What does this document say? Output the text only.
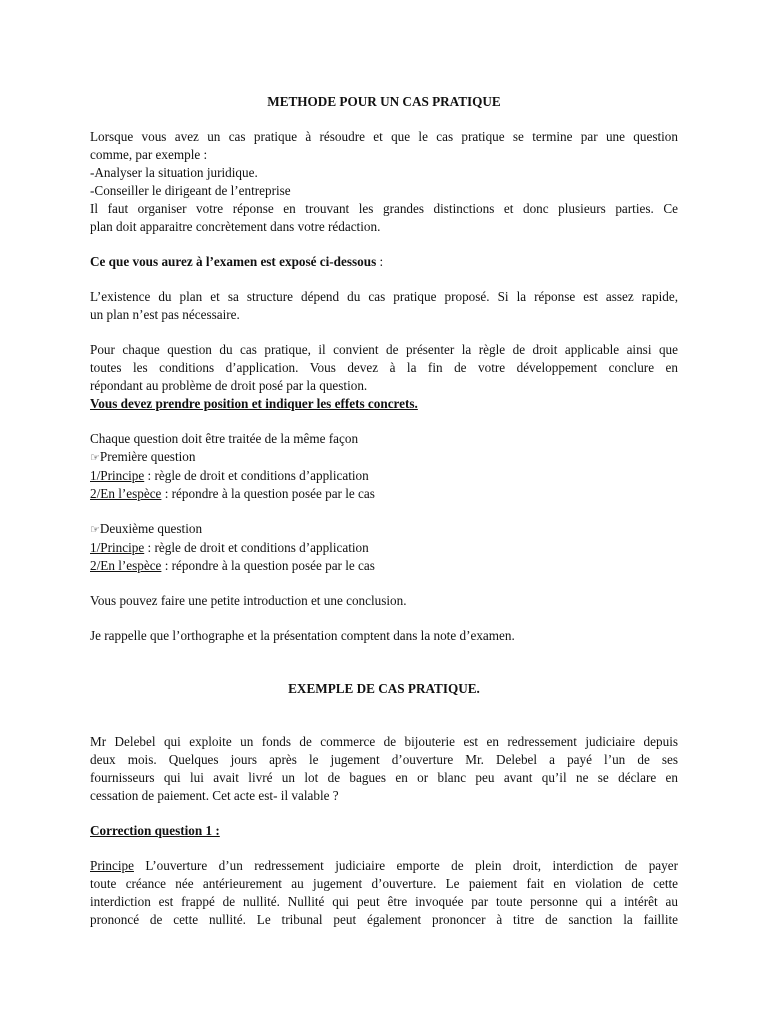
METHODE POUR UN CAS PRATIQUE

Lorsque vous avez un cas pratique à résoudre et que le cas pratique se termine par une question

comme, par exemple :

-Analyser la situation juridique.

-Conseiller le dirigeant de l’entreprise

Il faut organiser votre réponse en trouvant les grandes distinctions et donc plusieurs parties. Ce

plan doit apparaitre concrètement dans votre rédaction.

Ce que vous aurez à l’examen est exposé ci-dessous :

L’existence du plan et sa structure dépend du cas pratique proposé. Si la réponse est assez rapide,

un plan n’est pas nécessaire.

Pour chaque question du cas pratique, il convient de présenter la règle de droit applicable ainsi que

toutes les conditions d’application. Vous devez à la fin de votre développement conclure en

répondant au problème de droit posé par la question.

Vous devez prendre position et indiquer les effets concrets.

Chaque question doit être traitée de la même façon

☞Première question

1/Principe : règle de droit et conditions d’application

2/En l’espèce : répondre à la question posée par le cas

☞Deuxième question

1/Principe : règle de droit et conditions d’application

2/En l’espèce : répondre à la question posée par le cas

Vous pouvez faire une petite introduction et une conclusion.

Je rappelle que l’orthographe et la présentation comptent dans la note d’examen.

EXEMPLE DE CAS PRATIQUE.

Mr Delebel qui exploite un fonds de commerce de bijouterie est en redressement judiciaire depuis

deux mois. Quelques jours après le jugement d’ouverture Mr. Delebel a payé l’un de ses

fournisseurs qui lui avait livré un lot de bagues en or blanc peu avant qu’il ne se déclare en

cessation de paiement. Cet acte est- il valable ?

Correction question 1 :

Principe L’ouverture d’un redressement judiciaire emporte de plein droit, interdiction de payer

toute créance née antérieurement au jugement d’ouverture. Le paiement fait en violation de cette

interdiction est frappé de nullité. Nullité qui peut être invoquée par toute personne qui a intérêt au

prononcé de cette nullité. Le tribunal peut également prononcer à titre de sanction la faillite
